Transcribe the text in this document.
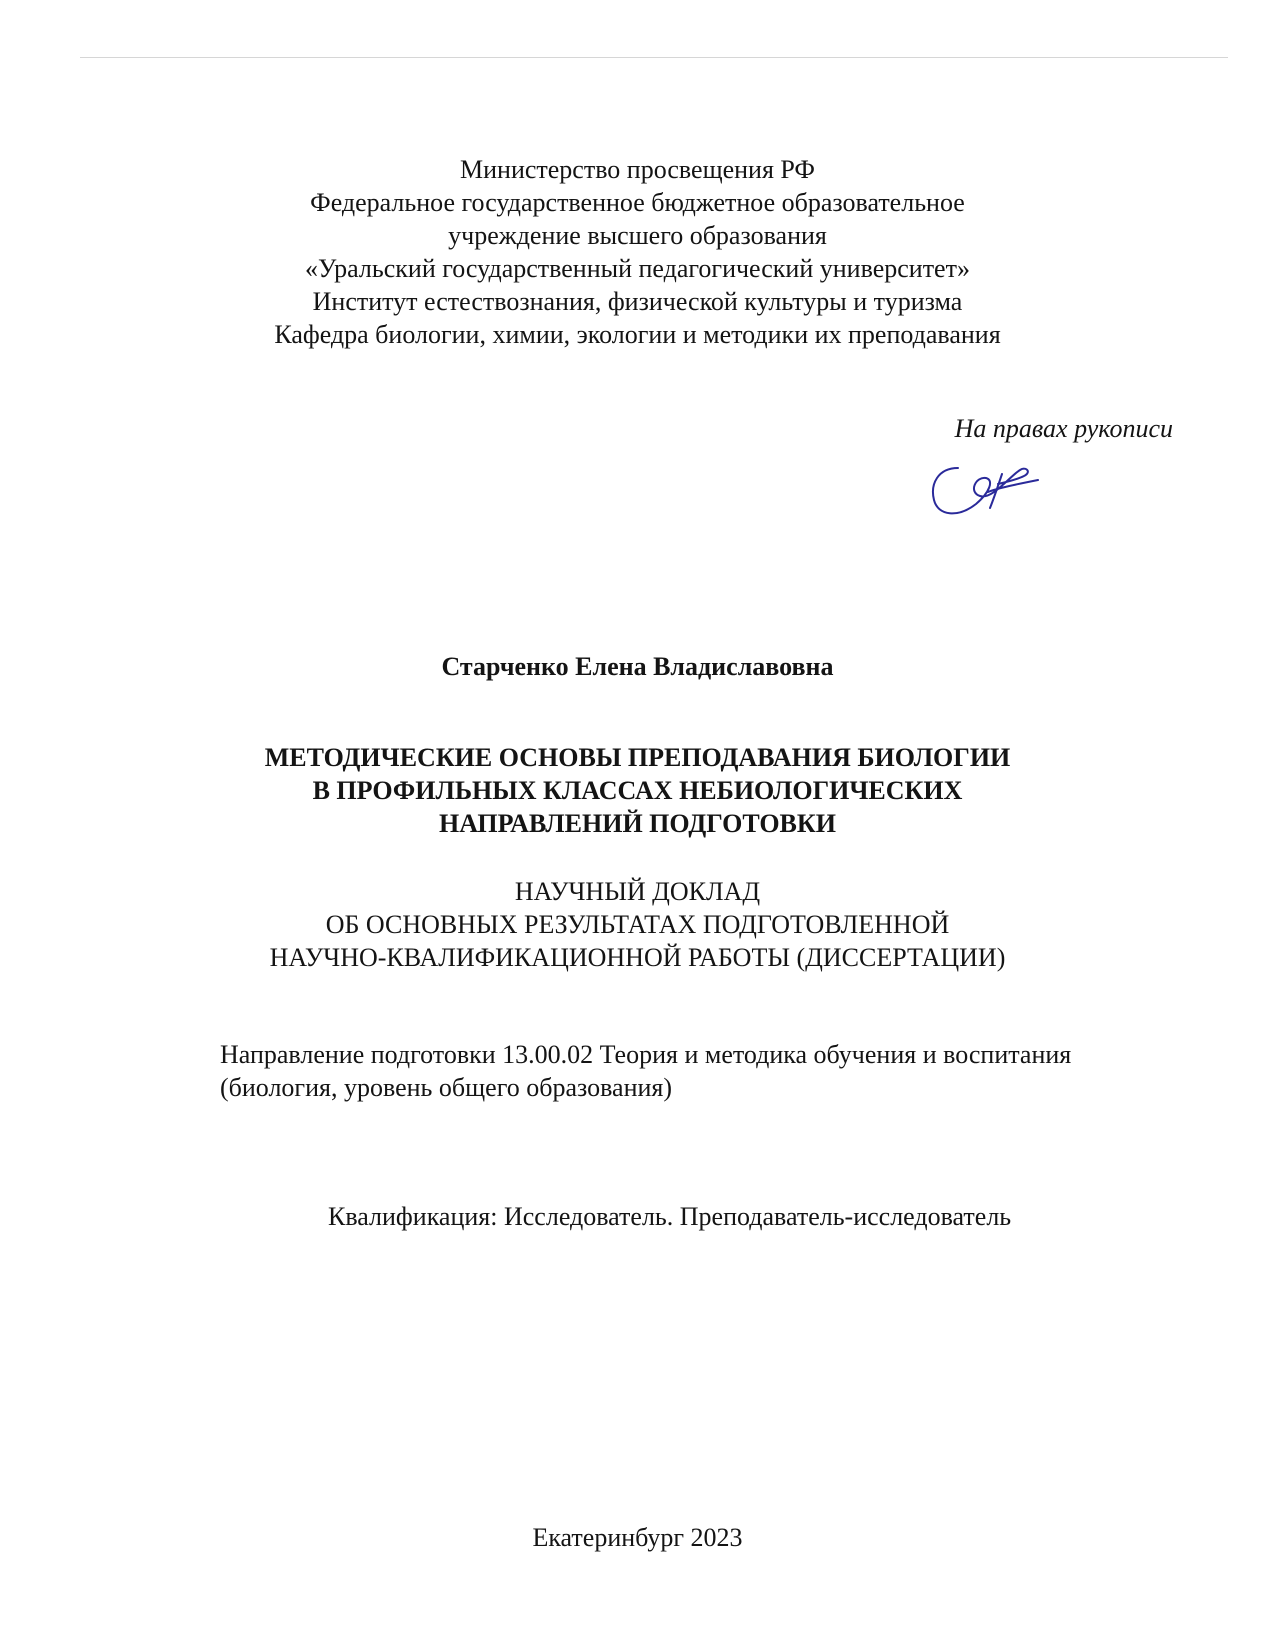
Министерство просвещения РФ
Федеральное государственное бюджетное образовательное
учреждение высшего образования
«Уральский государственный педагогический университет»
Институт естествознания, физической культуры и туризма
Кафедра биологии, химии, экологии и методики их преподавания
На правах рукописи
Старченко Елена Владиславовна
МЕТОДИЧЕСКИЕ ОСНОВЫ ПРЕПОДАВАНИЯ БИОЛОГИИ
В ПРОФИЛЬНЫХ КЛАССАХ НЕБИОЛОГИЧЕСКИХ
НАПРАВЛЕНИЙ ПОДГОТОВКИ
НАУЧНЫЙ ДОКЛАД
ОБ ОСНОВНЫХ РЕЗУЛЬТАТАХ ПОДГОТОВЛЕННОЙ
НАУЧНО-КВАЛИФИКАЦИОННОЙ РАБОТЫ (ДИССЕРТАЦИИ)
Направление подготовки 13.00.02 Теория и методика обучения и воспитания
(биология, уровень общего образования)
Квалификация: Исследователь. Преподаватель-исследователь
Екатеринбург 2023
